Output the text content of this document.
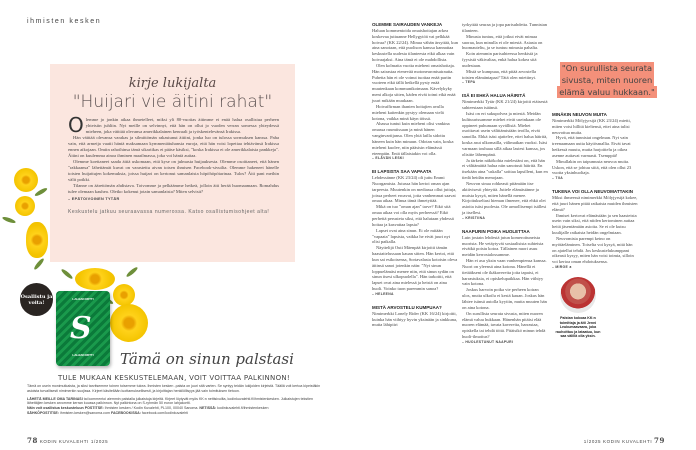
ihmisten kesken
kirje lukijalta
"Huijari vie äitini rahat"

Olemme jo jonkin aikaa ihmetelleet, miksi yli 80-vuotias äitimme ei enää halua osallistua perheen yhteisiin juhliin. Nyt meille on selvinnyt, että hän on ollut jo vuoden verran somessa yhteydessä mieheen, joka väittää olevansa amerikkalainen kenraali ja työskentelevänsä Irakissa.

Hän väittää olevansa varakas ja silmittömän rakastunut äitiini, jonka luo on tulossa sormuksen kanssa. Paha vain, että armeija vaatii häntä maksamaan kymmeniätuhansia euroja, että hän voisi lopettaa tehtävänsä Irakissa ennen aikojaan. Omiin rahoihinsa tämä sikariikas ei pääse käsiksi, "koska Irakissa ei ole amerikkalaisia pankkeja". Äitini on kuulemma ainoa ihminen maailmassa, joka voi häntä auttaa.

Olemme koettaneet saada äitiä uskomaan, että kyse on julmasta huijauksesta. Olemme osoittaneet, että hänen "rakkaansa" lähettämät kuvat on varastettu aivan toisen ihmisen Facebook-sivuilta. Olemme hakeneet hänelle toisten huijattujen kokemuksia, joissa huijari on kertonut samanlaista höpöhöpötarinaa. Tulos? Äiti pani meihin välit poikki.

Tilanne on äärettömän ahdistava. Toivomme ja pelkäämme hetkeä, jolloin äiti herää huomaamaan. Romahdus tulee olemaan kauhea. Oletko kokenut jotain samanlaista? Miten selvisit?

– EPÄTOIVOINEN TYTÄR
Keskustelu jatkuu seuraavassa numerossa. Katso osallistumisohjeet alta!
Osallistu ja voita!
LAHJAKORTTI
S
LAHJAKORTTI	Tämä on sinun palstasi
TULE MUKAAN KESKUSTELEMAAN, VOIT VOITTAA PALKINNON!
Tämä on usein monimutkaista, ja siksi tarvitsemme toinen toisemme tukea. Ihmisten kesken -palsta on juuri sitä varten. Se syntyy teidän lukijoiden kirjeistä. Täällä voit kertoa kipeistäkin asioista turvallisesti nimimerkin suojissa. Kirjeet käsitellään luottamuksellisesti, ja kirjoittajan henkilöllisyys jää vain toimituksen tietoon.
LÄHETÄ MEILLE OMA TARINASI tai kommentoi aiemmin palstalla julkaistuja kirjeitä. Kirjeet löytyvät myös KK:n nettisivuilta, kodinkuvalehti.fi/ihmistenkesken. Julkaistujen tekstien lähettäjien kesken arvomme kerran kuussa palkinnon. Nyt palkintona on S-ryhmän 50 euron lahjakortti.
Näin voit osallistua keskusteluun POSTITSE: Ihmisten kesken / Kodin Kuvalehti, PL100, 00040 Sanoma. NETISSÄ: kodinkuvalehti.fi/ihmistenkesken
SÄHKÖPOSTITSE: ihmisten.kesken@sanoma.com FACEBOOKISSA: facebook.com/kodinkuvalehti
78 KODIN KUVALEHTI 1/2025
OLEMME SAIRAUDEN VANKEJA

Haluan kommentoida omaishoitajan arkea koskevaa juttuanne Hellygytöä vai pelkkää hoivaa? (KK 22/24). Minua vähän ärsyttää, kun aina sanotaan, että puolison kanssa kannattaa keskustella uudesta tilanteesta eikä alkaa vain hoivaajaksi. Aina tämä ei ole mahdollista.

Olen kolmatta vuotta mieheni omaishoitaja. Hän sairastaa etenevää motoneuronisairautta. Puhetta hän ei ole voinut tuottaa enää pariin vuoteen eikä tällä hetkellä pysty enää muutenkaan kommunikoimaan. Kävelykyky meni alkoja sitten, käden eivät toimi eikä enää juuri mikään muukaan.

Hoivaffirman ihanien hoitajien avulla mieheni kaitenkin pystyy olemaan vielä kotona, vaikka minä käyn töissä.

Ahassa tuntui kuin mieheni olisi vankina omassa ruumiissaan ja minä hänen vanginvartijansa. Olen yhtä lailla sidottu häneen kuin hän minuun. Odotan vain, koska mieheni kuolee, niin pääsisin elämässä eteenpäin. Entä tällaistakin voi olla.

– ELÄVÄN LESKI
EI LAPSISTA SAA VAPAATA

Lehdessänne (KK 23/24) oli juttu Emmi Nuorgamista. Jutussa hän kertoi oman ajan tarpeesta. Muutenkin on mediassa ollut juttuja, joissa perheet eroavat, jotta vanhemmat saavat omaa aikaa. Minua tämä ihmetyttää.

Mikä on tuo "oman ajan" tarve? Eikö sitä omaa aikaa voi olla myös perheessä? Eikö perhettä perusteta siksi, että halutaan yhdessä hoitaa ja kasvattaa lapsia?

Lapset ovat aina sinun. Ei ole mitään "vapaata" lapsista, vaikka he eivät juuri nyt olisi paikalla.

Näyttelijä Outi Mäenpää kirjoitti tämän haastattelussaan kauan sitten. Hän kertoi, että kun sai esikoisensa, Sortavalasta kotoisin oleva äitinsä sanoi jotenkin näin: "Nyt sinun loppuelämäsi menee niin, että sinun sydän on sinun itsesi ulkopuolella". Hän tarkoitti, että lapset ovat aina mielessä ja heistä on aina huoli. Voinko tuon paremmin sanoa?

– HELEENA
MISTÄ ARVOSTELU KUMPUAA?

Nimimerkki Lonely Rider (KK 16/24) kirjoitti, kuinka hän viihtyy hyvin yksinään ja sinkkuna, mutta lähipiiri

tyrkyttää seuraa ja jopa parisuhdetta. Tunnistan tilanteen.

Minusta tuntuu, että jotkut eivät mimaa suoraa, kun minulla ei ole miestä. Asiasta on huomauteltu, ja se tuntuu minusta pahalta.

Koin aiemmin parisuhteessa henkistä ja fyysistä väkivaltaa, enkä halua kokea sitä uudestaan.

Mistä se kumpuaa, että pitää arvostella toisten elämäntapaa? Tätä olen miettinyt.

– TEPA
ISÄ EI EHKÄ HALUA HÄIRITÄ

Nimimerkki Tytär (KK 21/24) kirjoitti etäisestä suhteestaan isäänsä.

Isäsi on eri sukupolvea ja miestä. Meidän kulttuurissamme miehet eivät useinkaan ole oppineet puhumaan syvällisiä. Miehet osoittavat usein välittämistään teoilla, eivät sanoilla. Ehkä isäsi ajattelee, ettei halua häiritä, koska asut ulkomailla, välimatkan vuoksi. Isäsi varmaan touhuaa sillä aikaa lastesi kanssa, jos olisitte lähempänä.

Ja tärkein näkökohta mielestäni on, että hän ei välttämättä halua niin sanotusti häiritä. En itsekään aina "uskalla" soittaa lapsilleni, kun en tiedä heidän menojaan.

Neuvon sinua rohkeasti pitämään itse aktiivisesti yhteyttä. Juttele elämästänne ja muista kysyä, miten hänellä menee. Kirjoitukseltasi hieman ilmenee, että ehkä olet asioita isäsi puolesta. Ole armollisempi isällesi ja itsellesi.

– KRISTIINA
NAAPURIN POIKA HUOLETTAA

Luin jostain lehdestä jutun komeroituneista nuorista. He vetäytyvät sosiaalisista suhteista eivätkä poistu kotoa. Tällainen nuori asuu meidän kerrostalossamme.

Hän ei asu yksin vaan vanhempiensa kanssa. Nuori on yleensä aina kotona. Hänellä ei tietääkseni ole ikäkavereita joita tapaisi, ei harrastuksia, ei opiskelupaikkaa. Hän viihtyy vain kotona.

Joskus harvoin poika vie perheen koiran ulos, mutta ulkoilu ei kestä kauan. Joskus hän lähtee isänsä autolla kyytiin, mutta muuten hän on aina kotona.

On surullista seurata sivusta, miten nuoren elämä valuu hukkaan. Hänenhän pitäisi elää nuoren elämää, tavata kavereita, harrastaa, opiskella tai tehdä töitä. Pitäisikö minun tehdä huoli-ilmoitus?

– HUOLESTUNUT NAAPURI
MINÄKIN NEUVON MUITA

Nimimerkki Mölyjyrsijä (KK 23/24) mietti, miten voisi hillitä kieltensä, ettei aina tulisi neuvottua muita.

Hyvä, että tunnistat ongelman. Nyt vain treenaamaan uutta käytösmallia. Eivät tavat hetkessä muutu, mutta harjoittelu ja oikea asenne auttavat varmasti. Tsemppiä!

Minullakin on taipumusta neuvoa muita. Uskon, että se johtuu siitä, että olen ollut 23 vuotta yksinhuoltaja.

– TIIA
TUKENA VOI OLLA NEUVOMATTAKIN

Miksi ihmeessä nimimerkki Mölyjyrsijä kokee, että juuri hänen pitää ratkaista muiden ihmisten elämä?

Ihmiset kertovat elämästään ja sen haasteista usein vain siksi, että niiden kertominen auttaa heitä jäsentämään asioita. Se ei ole kutsu kuulijalle ratkaista heidän ongelmiaan.

Neuvomista parempi keino on myötäeläminen. Toiselta voi kysyä, mitä hän on ajatellut tehdä. Jos keskustelukumppani oikeasti kysyy, miten hän voisi toimia, silloin voi kertoa oman ehdotuksensa.

– MIRGE ♣
"On surullista seurata sivusta, miten nuoren elämä valuu hukkaan."
Palstan kokoaa KK:n toimittaja ja äiti Jenni Leukumaavaara, joka rauhoittuu ja lataatuu, kun saa välillä olla yksin.
1/2025 KODIN KUVALEHTI 79
